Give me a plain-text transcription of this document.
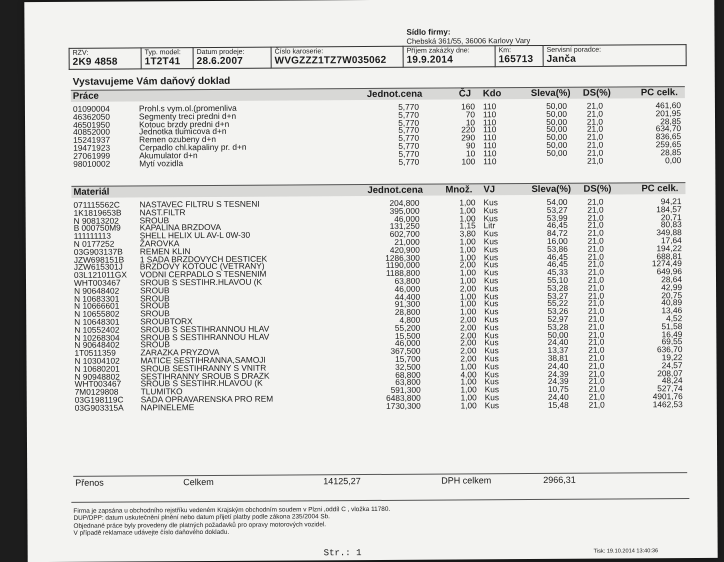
Sídlo firmy:
Chebská 361/55, 36006 Karlovy Vary
RZV:
2K9 4858

Typ. model:
1T2T41

Datum prodeje:
28.6.2007

Číslo karoserie:
WVGZZZ1TZ7W035062

Příjem zakázky dne:
19.9.2014

Km:
165713

Servisní poradce:
Janča
Vystavujeme Vám daňový doklad
Práce	Jednot.cena	ČJ Kdo	Sleva(%) DS(%)	PC celk.
01090004	Prohl.s vym.ol.(promenliva	5,770	160 110	50,00 21,0	461,60
46362050	Segmenty treci predni d+n	5,770	70 110	50,00 21,0	201,95
46501950	Kotouc brzdy predni d+n	5,770	10 110	50,00 21,0	28,85
40852000	Jednotka tlumicova d+n	5,770	220 110	50,00 21,0	634,70
15241937	Remen ozubeny d+n	5,770	290 110	50,00 21,0	836,65
19471923	Cerpadlo chl.kapaliny pr. d+n	5,770	90 110	50,00 21,0	259,65
27061999	Akumulator d+n	5,770	10 110	50,00 21,0	28,85
98010002	Mytí vozidla	5,770	100 110	21,0	0,00
Materiál	Jednot.cena Množ. VJ	Sleva(%) DS(%)	PC celk.
071115562C NASTAVEC FILTRU S TESNENI	204,800	1,00 Kus	54,00 21,0	94,21
1K1819653B NAST.FILTR	395,000	1,00 Kus	53,27 21,0	184,57
N 90813202 SROUB	46,000	1,00 Kus	53,99 21,0	20,71
B 000750M9 KAPALINA BRZDOVA	131,250	1,15 Litr	46,45 21,0	80,83
111111113	SHELL HELIX UL AV-L 0W-30	602,700	3,80 Kus	84,72 21,0	349,88
N 0177252	ŽAROVKA	21,000	1,00 Kus	16,00 21,0	17,64
03G903137B REMEN KLIN	420,900	1,00 Kus	53,86 21,0	194,22
JZW698151B 1 SADA BRZDOVYCH DESTICEK	1286,300	1,00 Kus	46,45 21,0	688,81
JZW615301J BRZDOVY KOTOUC (VETRANY)	1190,000	2,00 Kus	46,45 21,0	1274,49
03L121011GX VODNI CERPADLO S TESNENIM	1188,800	1,00 Kus	45,33 21,0	649,96
WHT003467 SROUB S SESTIHR.HLAVOU (K	63,800	1,00 Kus	55,10 21,0	28,64
N 90648402 SROUB	46,000	2,00 Kus	53,28 21,0	42,99
N 10683301 SROUB	44,400	1,00 Kus	53,27 21,0	20,75
N 10666601 SROUB	91,300	1,00 Kus	55,22 21,0	40,89
N 10655802 SROUB	28,800	1,00 Kus	53,26 21,0	13,46
N 10648301 SROUBTORX	4,800	2,00 Kus	52,97 21,0	4,52
N 10552402 SROUB S SESTIHRANNOU HLAV	55,200	2,00 Kus	53,28 21,0	51,58
N 10268304 SROUB S SESTIHRANNOU HLAV	15,500	2,00 Kus	50,00 21,0	16,49
N 90648402 SROUB	46,000	2,00 Kus	24,40 21,0	69,55
1T0511359	ZARAZKA PRYZOVA	367,500	2,00 Kus	13,37 21,0	636,70
N 10304102 MATICE SESTIHRANNA,SAMOJI	15,700	2,00 Kus	38,81 21,0	19,22
N 10680201 SROUB SESTIHRANNY S VNITR	32,500	1,00 Kus	24,40 21,0	24,57
N 90948802 SESTIHRANNY SROUB S DRAZK	68,800	4,00 Kus	24,39 21,0	208,07
WHT003467 SROUB S SESTIHR.HLAVOU (K	63,800	1,00 Kus	24,39 21,0	48,24
7M0129808	TLUMITKO	591,300	1,00 Kus	10,75 21,0	527,74
03G198119C SADA OPRAVARENSKA PRO REM	6483,800	1,00 Kus	24,40 21,0	4901,76
03G903315A NAPINELEME	1730,300	1,00 Kus	15,48 21,0	1462,53
Přenos	Celkem	14125,27	DPH celkem	2966,31
Firma je zapsána u obchodního rejstříku vedeném Krajským obchodním soudem v Plzni ,oddíl C , vložka 11780.
DUP/DPP: datum uskutečnění plnění nebo datum přijetí platby podle zákona 235/2004 Sb.
Objednané práce byly provedeny dle platných požadavků pro opravy motorových vozidel.
V případě reklamace udávejte číslo daňového dokladu.
Str.: 1	Tisk: 19.10.2014 13:40:36
